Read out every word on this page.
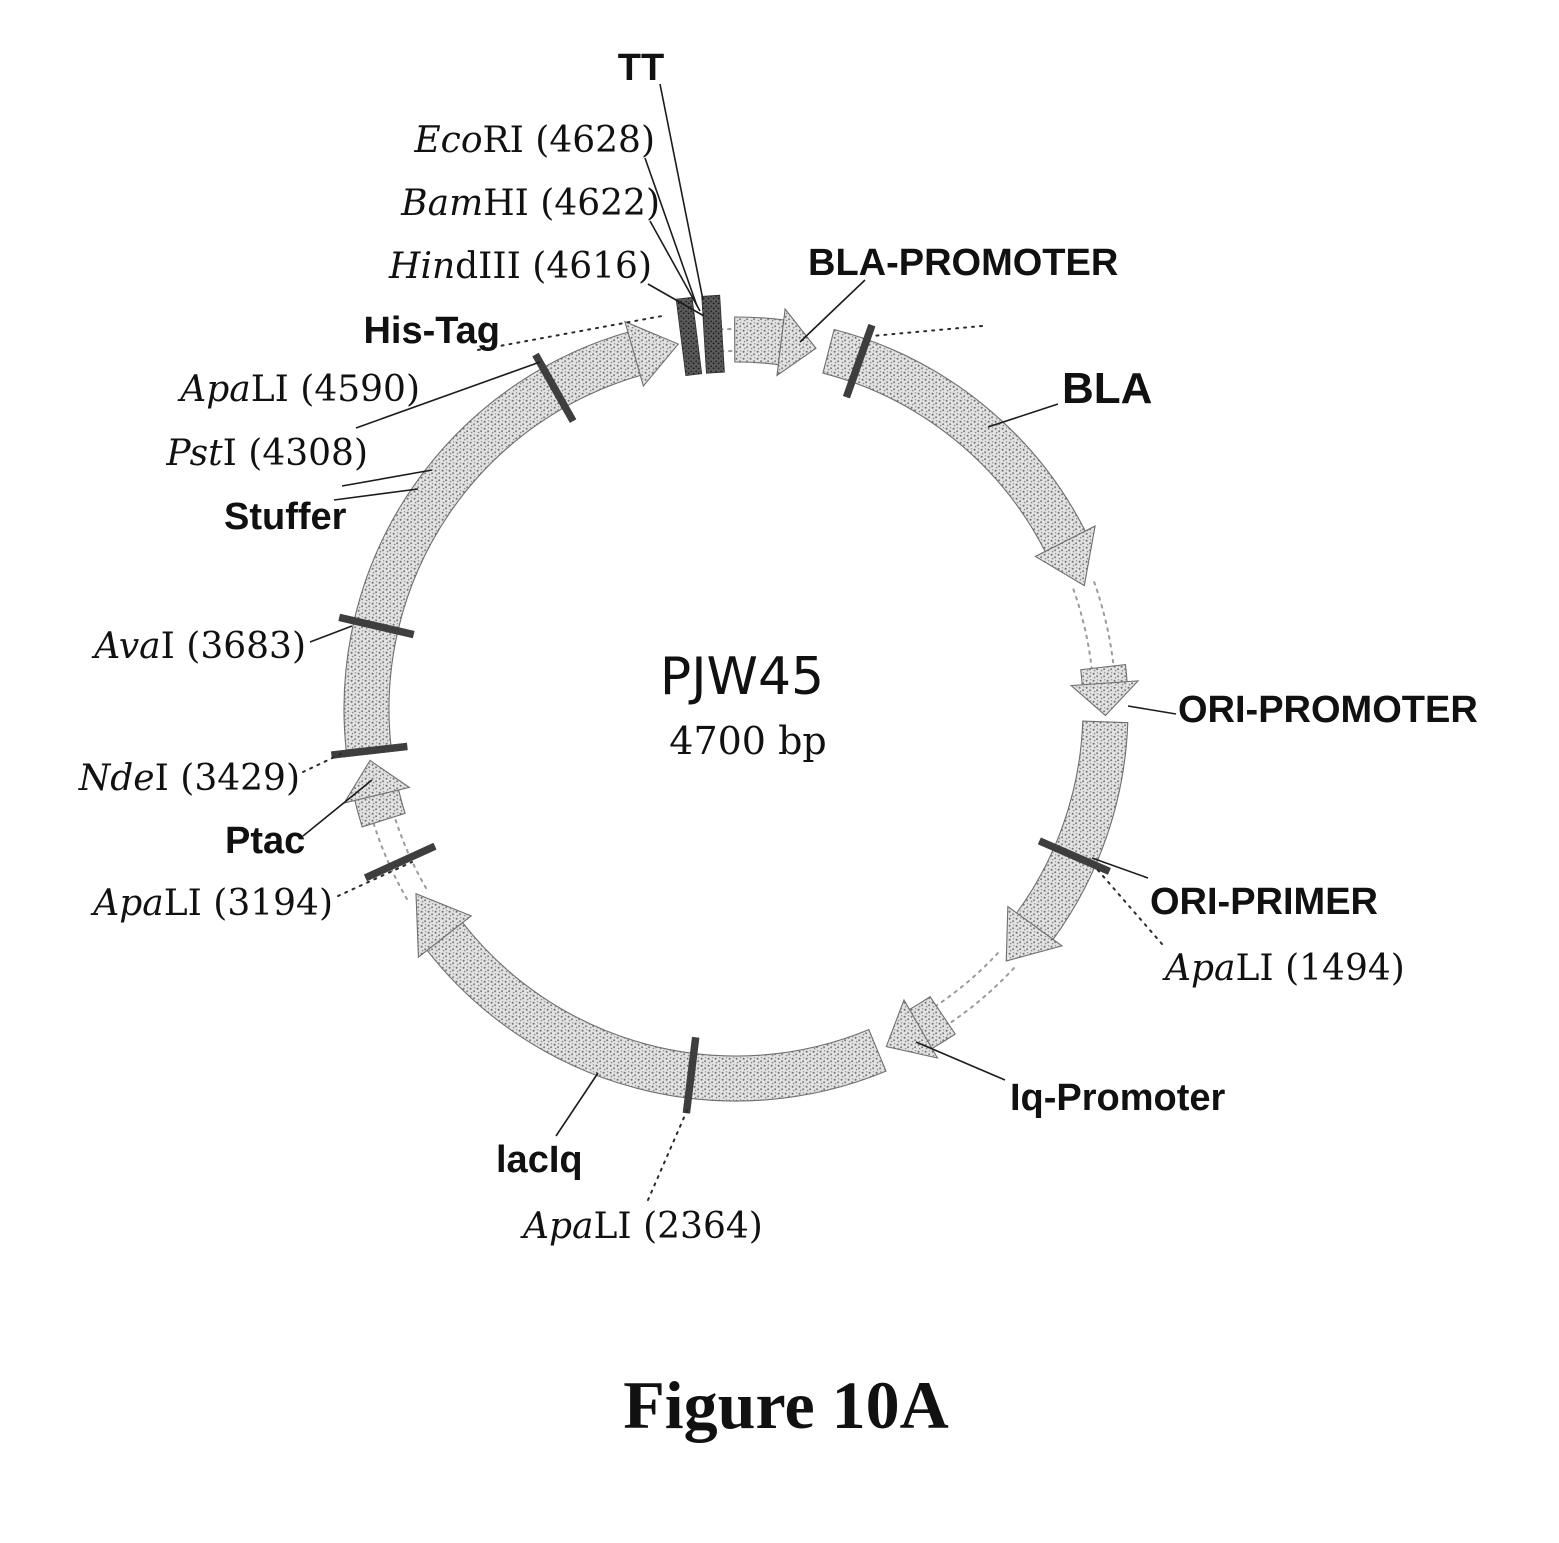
TT
EcoRI (4628)
BamHI (4622)
HindIII (4616)
His-Tag
ApaLI (4590)
PstI (4308)
Stuffer
AvaI (3683)
NdeI (3429)
Ptac
ApaLI (3194)
lacIq
ApaLI (2364)
Iq-Promoter
ApaLI (1494)
ORI-PRIMER
ORI-PROMOTER
BLA
BLA-PROMOTER
PJW45
4700 bp
Figure 10A
